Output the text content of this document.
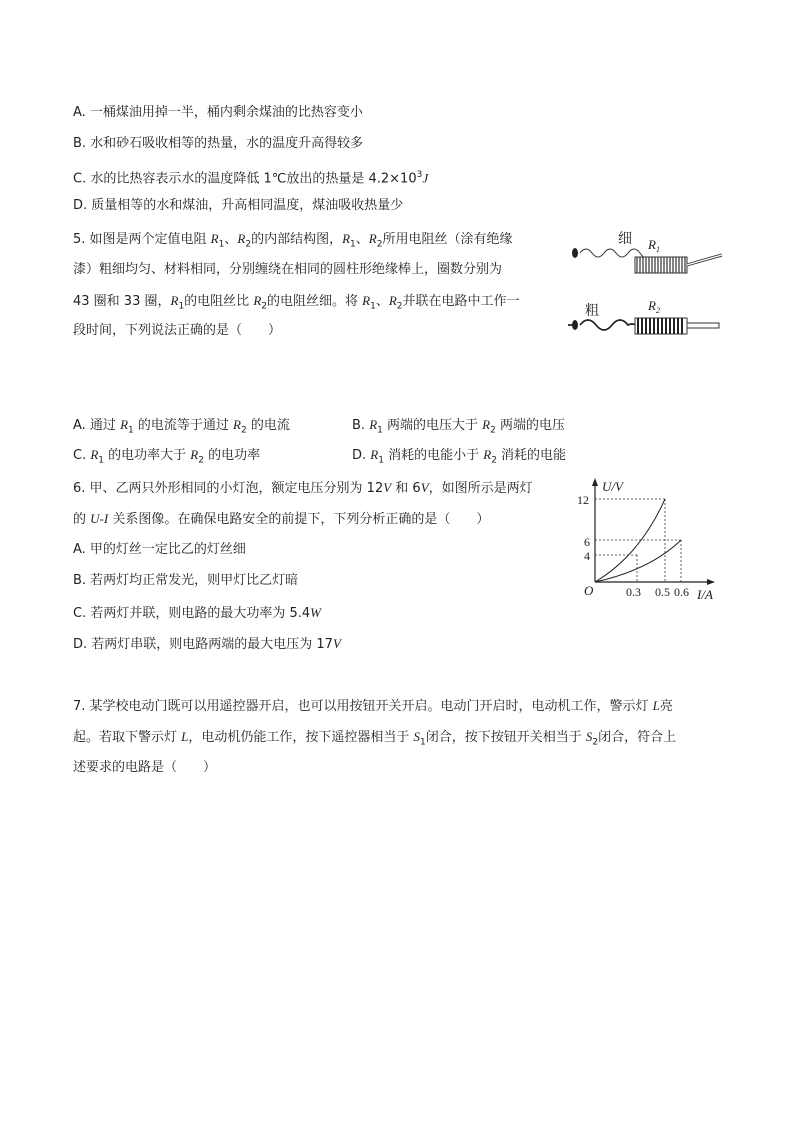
A. 一桶煤油用掉一半，桶内剩余煤油的比热容变小
B. 水和砂石吸收相等的热量，水的温度升高得较多
C. 水的比热容表示水的温度降低 1℃放出的热量是 $4.2\times 10^3J$
D. 质量相等的水和煤油，升高相同温度，煤油吸收热量少
5. 如图是两个定值电阻 $R_1$、$R_2$的内部结构图，$R_1$、$R_2$所用电阻丝（涂有绝缘
漆）粗细均匀、材料相同，分别缠绕在相同的圆柱形绝缘棒上，圈数分别为
43 圈和 33 圈，$R_1$的电阻丝比 $R_2$的电阻丝细。将 $R_1$、$R_2$并联在电路中工作一
段时间，下列说法正确的是（　　）
细 $R_1$
粗	$R_2$
A. 通过 $R_1$ 的电流等于通过 $R_2$ 的电流	B. $R_1$ 两端的电压大于 $R_2$ 两端的电压
C. $R_1$ 的电功率大于 $R_2$ 的电功率	D. $R_1$ 消耗的电能小于 $R_2$ 消耗的电能
6. 甲、乙两只外形相同的小灯泡，额定电压分别为 12V 和 6V，如图所示是两灯
的 U-I 关系图像。在确保电路安全的前提下，下列分析正确的是（　　）
A. 甲的灯丝一定比乙的灯丝细
B. 若两灯均正常发光，则甲灯比乙灯暗
C. 若两灯并联，则电路的最大功率为 5.4W
D. 若两灯串联，则电路两端的最大电压为 17V
U/V
I/A
O
12
6
4
0.3 0.5 0.6
7. 某学校电动门既可以用遥控器开启，也可以用按钮开关开启。电动门开启时，电动机工作，警示灯 L亮
起。若取下警示灯 L，电动机仍能工作，按下遥控器相当于 $S_1$闭合，按下按钮开关相当于 $S_2$闭合，符合上
述要求的电路是（　　）
